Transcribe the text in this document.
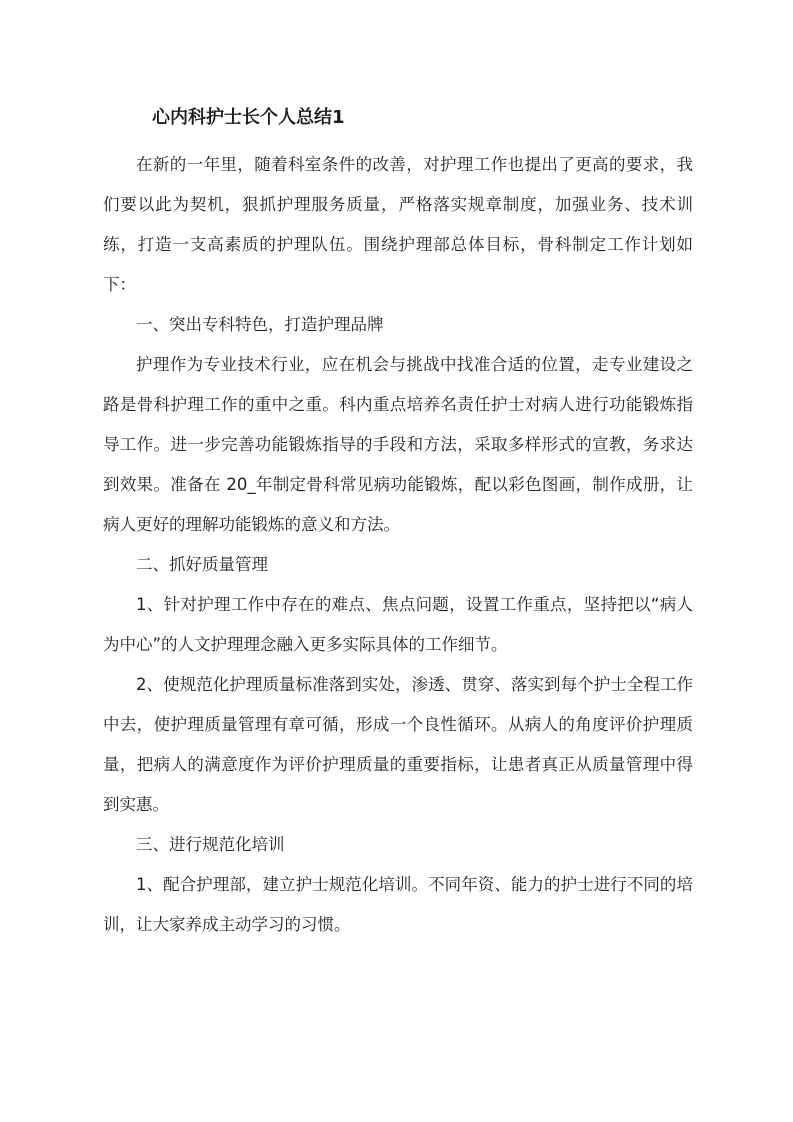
心内科护士长个人总结1

在新的一年里，随着科室条件的改善，对护理工作也提出了更高的要求，我们要以此为契机，狠抓护理服务质量，严格落实规章制度，加强业务、技术训练，打造一支高素质的护理队伍。围绕护理部总体目标，骨科制定工作计划如下：

一、突出专科特色，打造护理品牌

护理作为专业技术行业，应在机会与挑战中找准合适的位置，走专业建设之路是骨科护理工作的重中之重。科内重点培养名责任护士对病人进行功能锻炼指导工作。进一步完善功能锻炼指导的手段和方法，采取多样形式的宣教，务求达到效果。准备在 20_年制定骨科常见病功能锻炼，配以彩色图画，制作成册，让病人更好的理解功能锻炼的意义和方法。

二、抓好质量管理

1、针对护理工作中存在的难点、焦点问题，设置工作重点，坚持把以“病人为中心”的人文护理理念融入更多实际具体的工作细节。

2、使规范化护理质量标准落到实处，渗透、贯穿、落实到每个护士全程工作中去，使护理质量管理有章可循，形成一个良性循环。从病人的角度评价护理质量，把病人的满意度作为评价护理质量的重要指标，让患者真正从质量管理中得到实惠。

三、进行规范化培训

1、配合护理部，建立护士规范化培训。不同年资、能力的护士进行不同的培训，让大家养成主动学习的习惯。
